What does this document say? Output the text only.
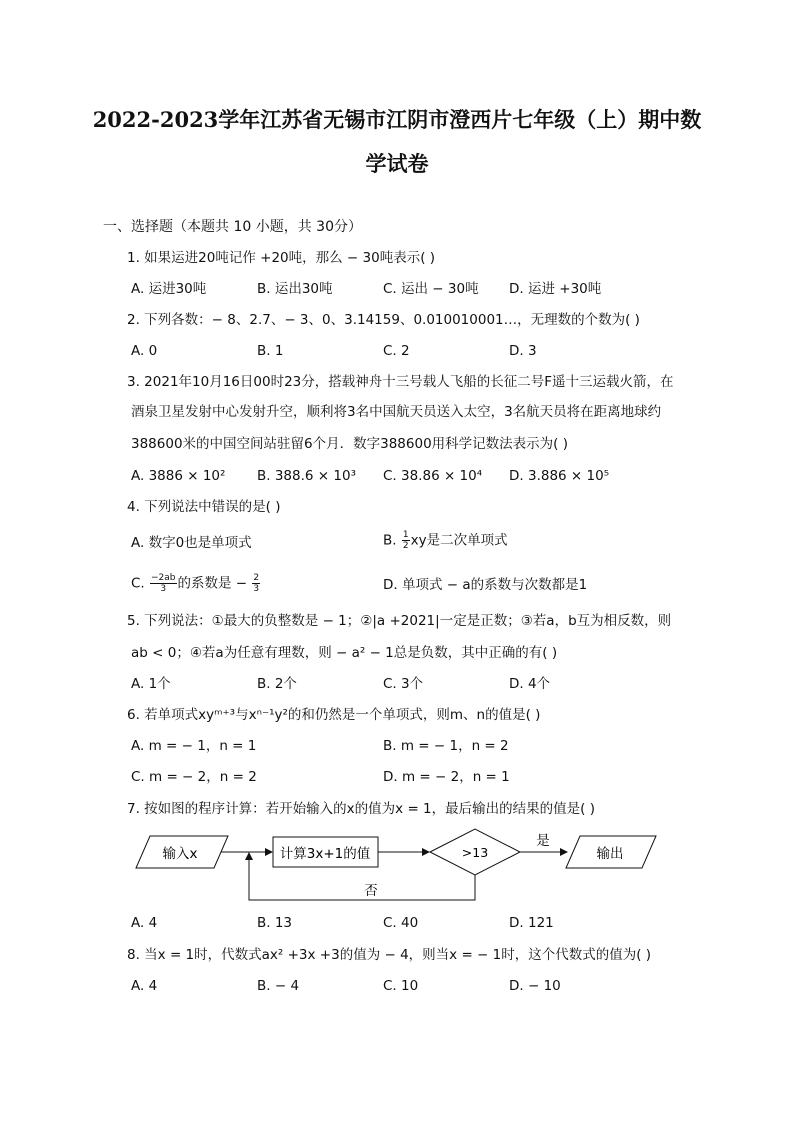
2022-2023学年江苏省无锡市江阴市澄西片七年级（上）期中数
学试卷
一、选择题（本题共 10 小题，共 30分）
1. 如果运进20吨记作 +20吨，那么 − 30吨表示( )
A. 运进30吨	B. 运出30吨	C. 运出 − 30吨 D. 运进 +30吨
2. 下列各数：− 8、2.7、− 3、0、3.14159、0.010010001…，无理数的个数为( )
A. 0	B. 1	C. 2	D. 3
3. 2021年10月16日00时23分，搭载神舟十三号载人飞船的长征二号F遥十三运载火箭，在
酒泉卫星发射中心发射升空，顺利将3名中国航天员送入太空，3名航天员将在距离地球约
388600米的中国空间站驻留6个月．数字388600用科学记数法表示为( )
A. 3886 × 10² B. 388.6 × 10³ C. 38.86 × 10⁴ D. 3.886 × 10⁵
4. 下列说法中错误的是( )
A. 数字0也是单项式	B. $\frac{1}{2}$ xy是二次单项式
C. $\frac{-2ab}{3}$ 的系数是 − $\frac{2}{3}$	D. 单项式 − a的系数与次数都是1
5. 下列说法：①最大的负整数是 − 1；②|a +2021|一定是正数；③若a，b互为相反数，则
ab < 0；④若a为任意有理数，则 − a² − 1总是负数，其中正确的有( )
A. 1个	B. 2个	C. 3个	D. 4个
6. 若单项式xyᵐ⁺³与xⁿ⁻¹y²的和仍然是一个单项式，则m、n的值是( )
A. m = − 1，n = 1	B. m = − 1，n = 2
C. m = − 2，n = 2	D. m = − 2，n = 1
7. 按如图的程序计算：若开始输入的x的值为x = 1，最后输出的结果的值是( )
输入x	计算3x+1的值	>13
是
输出
否
A. 4	B. 13	C. 40	D. 121
8. 当x = 1时，代数式ax² +3x +3的值为 − 4，则当x = − 1时，这个代数式的值为( )
A. 4	B. − 4	C. 10	D. − 10
